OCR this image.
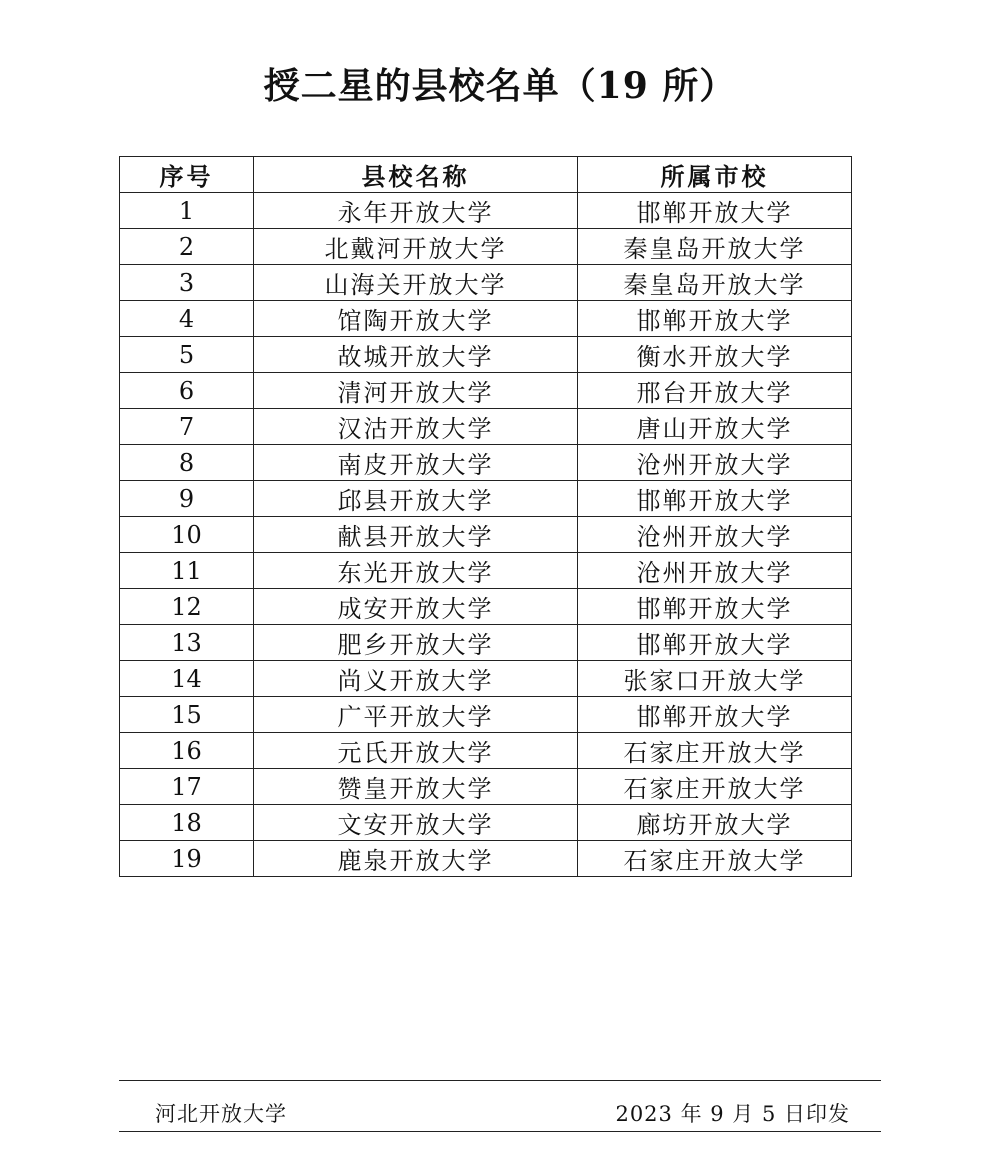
授二星的县校名单（19 所）
序号	县校名称	所属市校
1	永年开放大学	邯郸开放大学
2	北戴河开放大学	秦皇岛开放大学
3	山海关开放大学	秦皇岛开放大学
4	馆陶开放大学	邯郸开放大学
5	故城开放大学	衡水开放大学
6	清河开放大学	邢台开放大学
7	汉沽开放大学	唐山开放大学
8	南皮开放大学	沧州开放大学
9	邱县开放大学	邯郸开放大学
10	献县开放大学	沧州开放大学
11	东光开放大学	沧州开放大学
12	成安开放大学	邯郸开放大学
13	肥乡开放大学	邯郸开放大学
14	尚义开放大学	张家口开放大学
15	广平开放大学	邯郸开放大学
16	元氏开放大学	石家庄开放大学
17	赞皇开放大学	石家庄开放大学
18	文安开放大学	廊坊开放大学
19	鹿泉开放大学	石家庄开放大学
河北开放大学	2023 年 9 月 5 日印发
